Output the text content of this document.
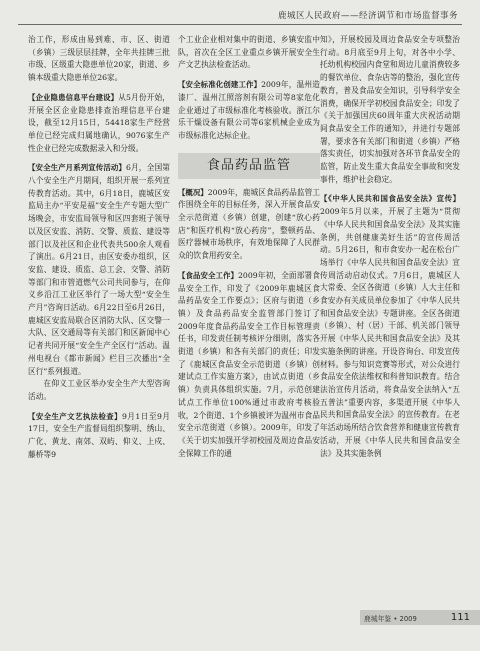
鹿城区人民政府——经济调节和市场监督事务

治工作，形成由易到难、市、区、街道（乡镇）三级层层挂牌，全年共挂牌三批市级、区级重大隐患单位20家，街道、乡镇本级重大隐患单位26家。

【企业隐患信息平台建设】从5月份开始，开展全区企业隐患排查治理信息平台建设，截至12月15日，54418家生产经营单位已经完成归属地确认，9076家生产性企业已经完成数据录入和分级。

【安全生产月系列宣传活动】6月，全国第八个安全生产月期间，组织开展一系列宣传教育活动。其中，6月18日，鹿城区安监局主办“平安是福”安全生产专题大型广场晚会，市安监局领导和区四套班子领导以及区安监、消防、交警、质监、建设等部门以及社区和企业代表共500余人观看了演出。6月21日，由区安委办组织，区安监、建设、质监、总工会、交警、消防等部门和市管道燃气公司共同参与，在仰义乡沿江工业区举行了一场大型“安全生产月”咨询日活动。6月22日至6月26日，鹿城区安监局联合区消防大队、区交警一大队、区交通局等有关部门和区新闻中心记者共同开展“安全生产全区行”活动。温州电视台《都市新闻》栏目三次播出“全区行”系列报道。

在仰义工业区举办安全生产大型咨询活动。

【安全生产文艺执法检查】9月1日至9月17日，安全生产监督局组织黎明、绣山、广化、黄龙、南郊、双屿、仰义、上戍、藤桥等9

个工业企业相对集中的街道、乡镇安监中队，首次在全区工业重点乡镇开展安全生产文艺执法检查活动。

【安全标准化创建工作】2009年，温州造漆厂、温州江照溶剂有限公司等8家危化企业通过了市级标准化考核验收。浙江尔乐干燥设备有限公司等6家机械企业成为市级标准化达标企业。

食品药品监管

【概况】2009年，鹿城区食品药品监管工作围绕全年的目标任务，深入开展食品安全示范街道（乡镇）创建，创建“放心药店”和医疗机构“放心药房”，整顿药品、医疗器械市场秩序，有效地保障了人民群众的饮食用药安全。

【食品安全工作】2009年初，全面部署食品安全工作，印发了《2009年鹿城区食品药品安全工作要点》；区府与街道（乡镇）及食品药品安全监管部门签订了2009年度食品药品安全工作目标管理责任书，印发责任制考核评分细则，落实各街道（乡镇）和各有关部门的责任；印发了《鹿城区食品安全示范街道（乡镇）创建试点工作实施方案》，由试点街道（乡镇）负责具体组织实施。7月，示范创建试点工作单位100%通过市政府考核验收，2个街道、1个乡镇被评为温州市食品安全示范街道（乡镇）。2009年，印发了《关于切实加强开学初校园及周边食品安全保障工作的通

知》，开展校园及周边食品安全专项整治行动。8月底至9月上旬，对各中小学、托幼机构校园内食堂和周边儿童消费较多的餐饮单位、食杂店等的整治，强化宣传教育，普及食品安全知识，引导科学安全消费，确保开学初校园食品安全；印发了《关于加强国庆60周年重大庆祝活动期间食品安全工作的通知》，并进行专题部署，要求各有关部门和街道（乡镇）严格落实责任，切实加强对各环节食品安全的监管，防止发生重大食品安全事故和突发事件，维护社会稳定。

【《中华人民共和国食品安全法》宣传】2009年5月以来，开展了主题为“贯彻《中华人民共和国食品安全法》及其实施条例，共创健康美好生活”的宣传周活动。5月26日，和市食安办一起在松台广场举行《中华人民共和国食品安全法》宣传周活动启动仪式。7月6日，鹿城区人大常委、全区各街道（乡镇）人大主任和食安办有关成员单位参加了《中华人民共和国食品安全法》专题讲座。全区各街道（乡镇）、村（居）干部、机关部门领导开展《中华人民共和国食品安全法》及其实施条例的讲座。开设咨询台、印发宣传材料。参与知识竞赛等形式，对公众进行食品安全依法维权和科普知识教育。结合法治宣传月活动，将食品安全法纳入“五五普法”重要内容，多渠道开展《中华人民共和国食品安全法》的宣传教育。在老年活动场所结合饮食营养和健康宣传教育活动，开展《中华人民共和国食品安全法》及其实施条例

鹿城年鉴 • 2009	111
